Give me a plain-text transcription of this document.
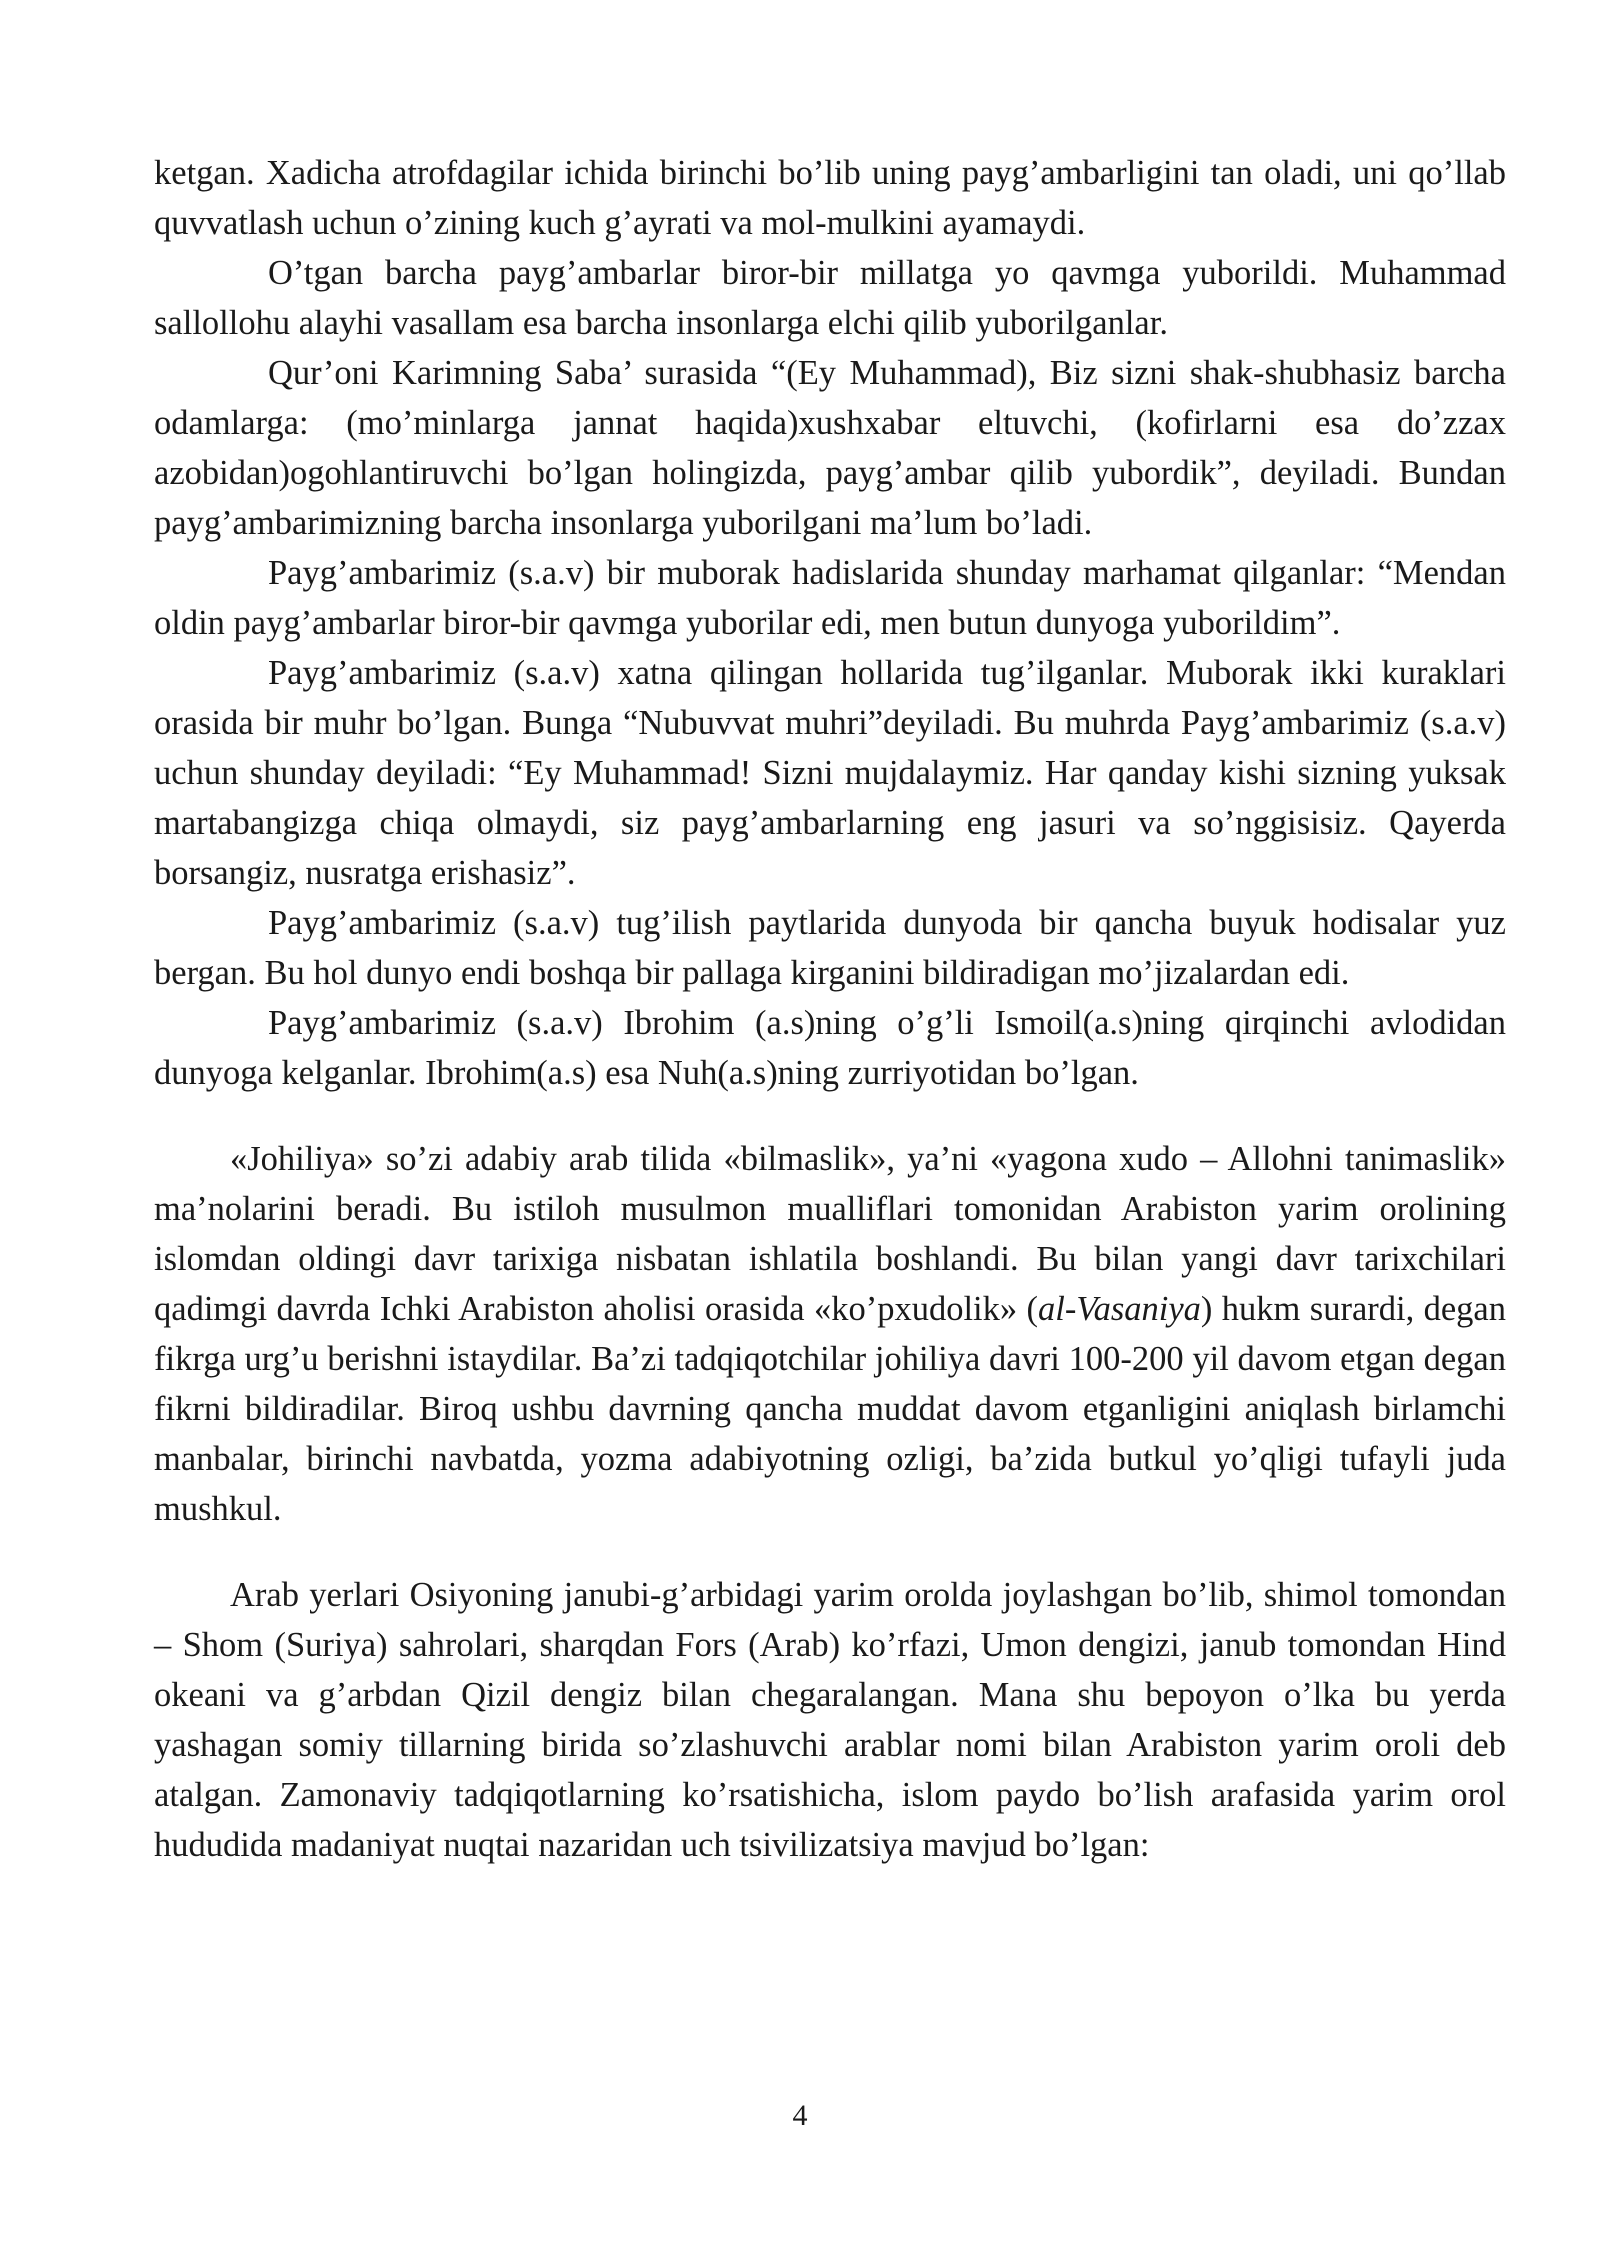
ketgan. Xadicha atrofdagilar ichida birinchi bo’lib uning payg’ambarligini tan oladi, uni qo’llab quvvatlash uchun o’zining kuch g’ayrati va mol-mulkini ayamaydi.

O’tgan barcha payg’ambarlar biror-bir millatga yo qavmga yuborildi. Muhammad sallollohu alayhi vasallam esa barcha insonlarga elchi qilib yuborilganlar.

Qur’oni Karimning Saba’ surasida “(Ey Muhammad), Biz sizni shak-shubhasiz barcha odamlarga: (mo’minlarga jannat haqida)xushxabar eltuvchi, (kofirlarni esa do’zzax azobidan)ogohlantiruvchi bo’lgan holingizda, payg’ambar qilib yubordik”, deyiladi. Bundan payg’ambarimizning barcha insonlarga yuborilgani ma’lum bo’ladi.

Payg’ambarimiz (s.a.v) bir muborak hadislarida shunday marhamat qilganlar: “Mendan oldin payg’ambarlar biror-bir qavmga yuborilar edi, men butun dunyoga yuborildim”.

Payg’ambarimiz (s.a.v) xatna qilingan hollarida tug’ilganlar. Muborak ikki kuraklari orasida bir muhr bo’lgan. Bunga “Nubuvvat muhri”deyiladi. Bu muhrda Payg’ambarimiz (s.a.v) uchun shunday deyiladi: “Ey Muhammad! Sizni mujdalaymiz. Har qanday kishi sizning yuksak martabangizga chiqa olmaydi, siz payg’ambarlarning eng jasuri va so’nggisisiz. Qayerda borsangiz, nusratga erishasiz”.

Payg’ambarimiz (s.a.v) tug’ilish paytlarida dunyoda bir qancha buyuk hodisalar yuz bergan. Bu hol dunyo endi boshqa bir pallaga kirganini bildiradigan mo’jizalardan edi.

Payg’ambarimiz (s.a.v) Ibrohim (a.s)ning o’g’li Ismoil(a.s)ning qirqinchi avlodidan dunyoga kelganlar. Ibrohim(a.s) esa Nuh(a.s)ning zurriyotidan bo’lgan.

«Johiliya» so’zi adabiy arab tilida «bilmaslik», ya’ni «yagona xudo – Allohni tanimaslik» ma’nolarini beradi. Bu istiloh musulmon mualliflari tomonidan Arabiston yarim orolining islomdan oldingi davr tarixiga nisbatan ishlatila boshlandi. Bu bilan yangi davr tarixchilari qadimgi davrda Ichki Arabiston aholisi orasida «ko’pxudolik» (al-Vasaniya) hukm surardi, degan fikrga urg’u berishni istaydilar. Ba’zi tadqiqotchilar johiliya davri 100-200 yil davom etgan degan fikrni bildiradilar. Biroq ushbu davrning qancha muddat davom etganligini aniqlash birlamchi manbalar, birinchi navbatda, yozma adabiyotning ozligi, ba’zida butkul yo’qligi tufayli juda mushkul.

Arab yerlari Osiyoning janubi-g’arbidagi yarim orolda joylashgan bo’lib, shimol tomondan – Shom (Suriya) sahrolari, sharqdan Fors (Arab) ko’rfazi, Umon dengizi, janub tomondan Hind okeani va g’arbdan Qizil dengiz bilan chegaralangan. Mana shu bepoyon o’lka bu yerda yashagan somiy tillarning birida so’zlashuvchi arablar nomi bilan Arabiston yarim oroli deb atalgan. Zamonaviy tadqiqotlarning ko’rsatishicha, islom paydo bo’lish arafasida yarim orol hududida madaniyat nuqtai nazaridan uch tsivilizatsiya mavjud bo’lgan:

4
